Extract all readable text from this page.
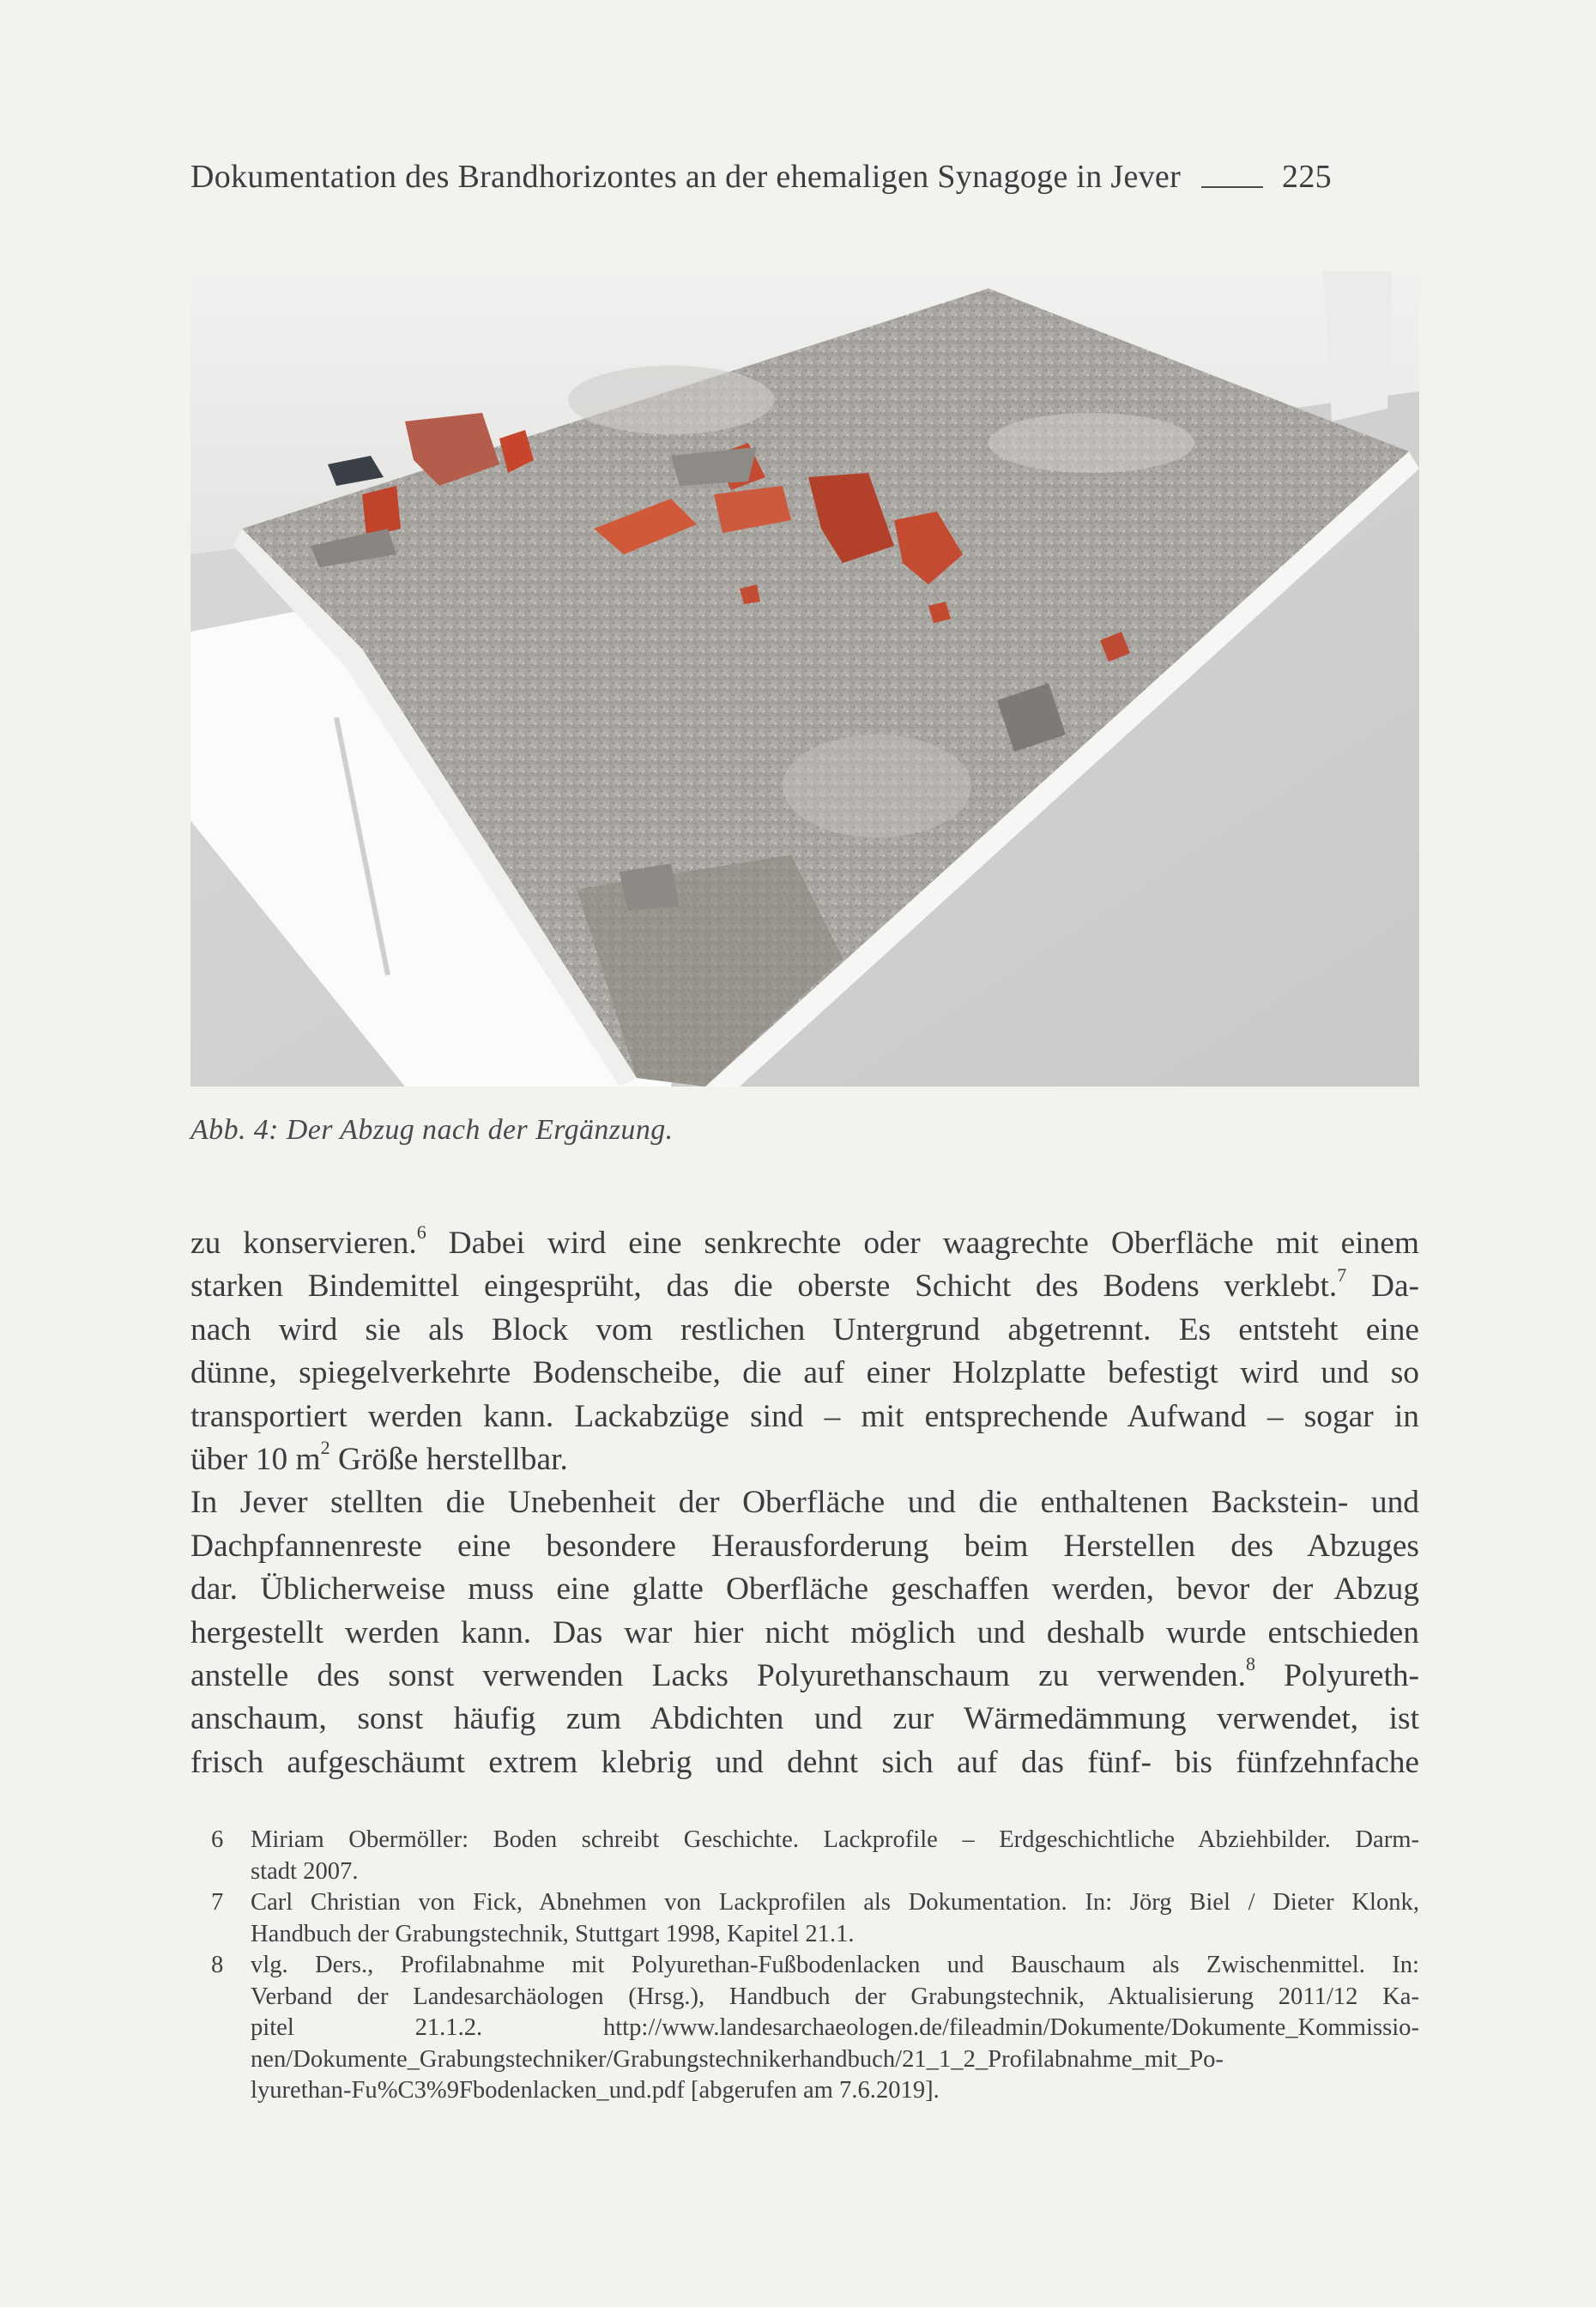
Dokumentation des Brandhorizontes an der ehemaligen Synagoge in Jever	225
Abb. 4: Der Abzug nach der Ergänzung.
zu konservieren.$^6$ Dabei wird eine senkrechte oder waagrechte Oberfläche mit einem
starken Bindemittel eingesprüht, das die oberste Schicht des Bodens verklebt.$^7$ Da-
nach wird sie als Block vom restlichen Untergrund abgetrennt. Es entsteht eine
dünne, spiegelverkehrte Bodenscheibe, die auf einer Holzplatte befestigt wird und so
transportiert werden kann. Lackabzüge sind – mit entsprechende Aufwand – sogar in
über 10 $m^2$ Größe herstellbar.
In Jever stellten die Unebenheit der Oberfläche und die enthaltenen Backstein- und
Dachpfannenreste eine besondere Herausforderung beim Herstellen des Abzuges
dar. Üblicherweise muss eine glatte Oberfläche geschaffen werden, bevor der Abzug
hergestellt werden kann. Das war hier nicht möglich und deshalb wurde entschieden
anstelle des sonst verwenden Lacks Polyurethanschaum zu verwenden.$^8$ Polyureth-
anschaum, sonst häufig zum Abdichten und zur Wärmedämmung verwendet, ist
frisch aufgeschäumt extrem klebrig und dehnt sich auf das fünf- bis fünfzehnfache
6 Miriam Obermöller: Boden schreibt Geschichte. Lackprofile – Erdgeschichtliche Abziehbilder. Darm-
stadt 2007.
7 Carl Christian von Fick, Abnehmen von Lackprofilen als Dokumentation. In: Jörg Biel / Dieter Klonk,
Handbuch der Grabungstechnik, Stuttgart 1998, Kapitel 21.1.
8 vlg. Ders., Profilabnahme mit Polyurethan-Fußbodenlacken und Bauschaum als Zwischenmittel. In:
Verband der Landesarchäologen (Hrsg.), Handbuch der Grabungstechnik, Aktualisierung 2011/12 Ka-
pitel 21.1.2. http://www.landesarchaeologen.de/fileadmin/Dokumente/Dokumente_Kommissio-
nen/Dokumente_Grabungstechniker/Grabungstechnikerhandbuch/21_1_2_Profilabnahme_mit_Po-
lyurethan-Fu%C3%9Fbodenlacken_und.pdf [abgerufen am 7.6.2019].
